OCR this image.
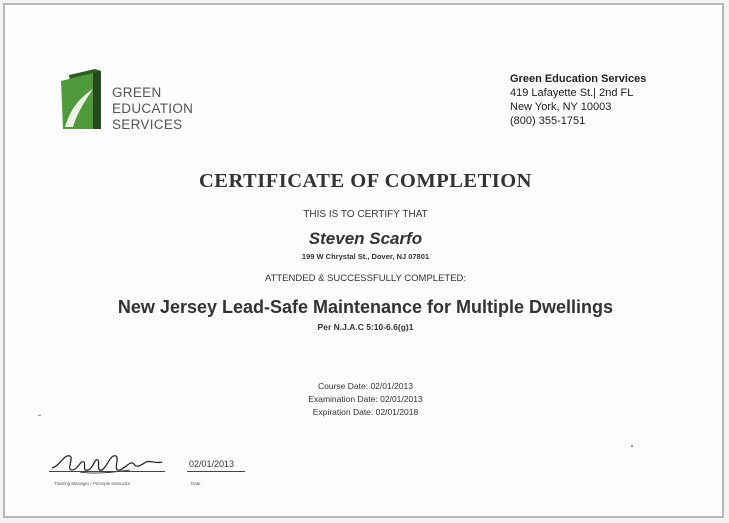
GREEN
EDUCATION
SERVICES
Green Education Services
419 Lafayette St.| 2nd FL
New York, NY 10003
(800) 355-1751
CERTIFICATE OF COMPLETION
THIS IS TO CERTIFY THAT
Steven Scarfo
199 W Chrystal St., Dover, NJ 07801
ATTENDED & SUCCESSFULLY COMPLETED:
New Jersey Lead-Safe Maintenance for Multiple Dwellings
Per N.J.A.C 5:10-6.6(g)1
Course Date: 02/01/2013
Examination Date: 02/01/2013
Expiration Date: 02/01/2018
Training Manager / Principle Instructor
02/01/2013
Date
